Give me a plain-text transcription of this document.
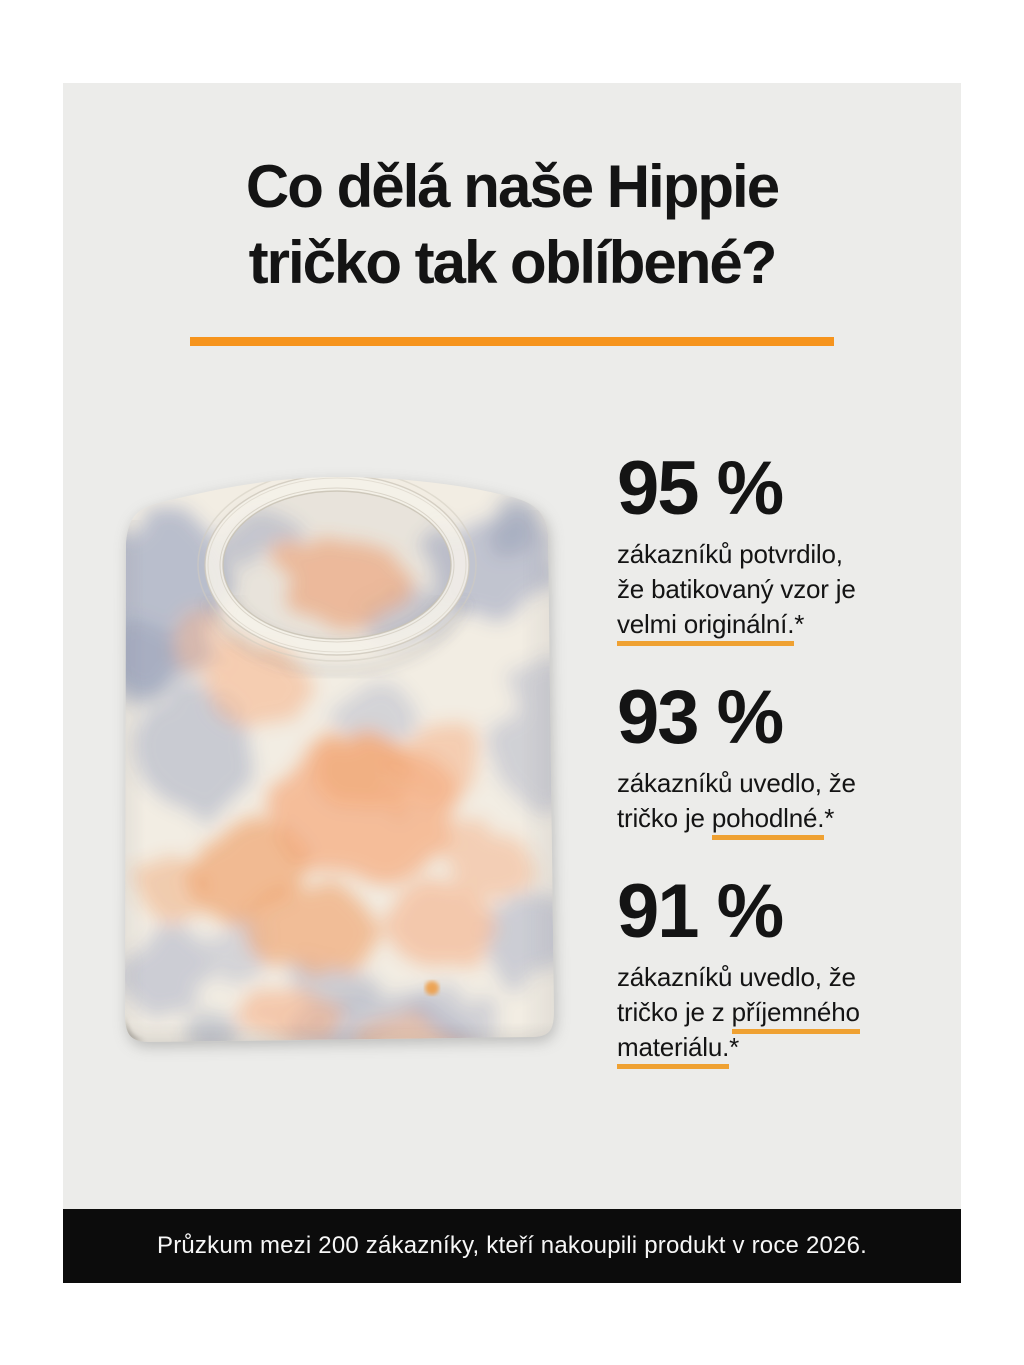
Co dělá naše Hippie
tričko tak oblíbené?
95 %
zákazníků potvrdilo,
že batikovaný vzor je
velmi originální.*
93 %
zákazníků uvedlo, že
tričko je pohodlné.*
91 %
zákazníků uvedlo, že
tričko je z příjemného
materiálu.*
Průzkum mezi 200 zákazníky, kteří nakoupili produkt v roce 2026.
